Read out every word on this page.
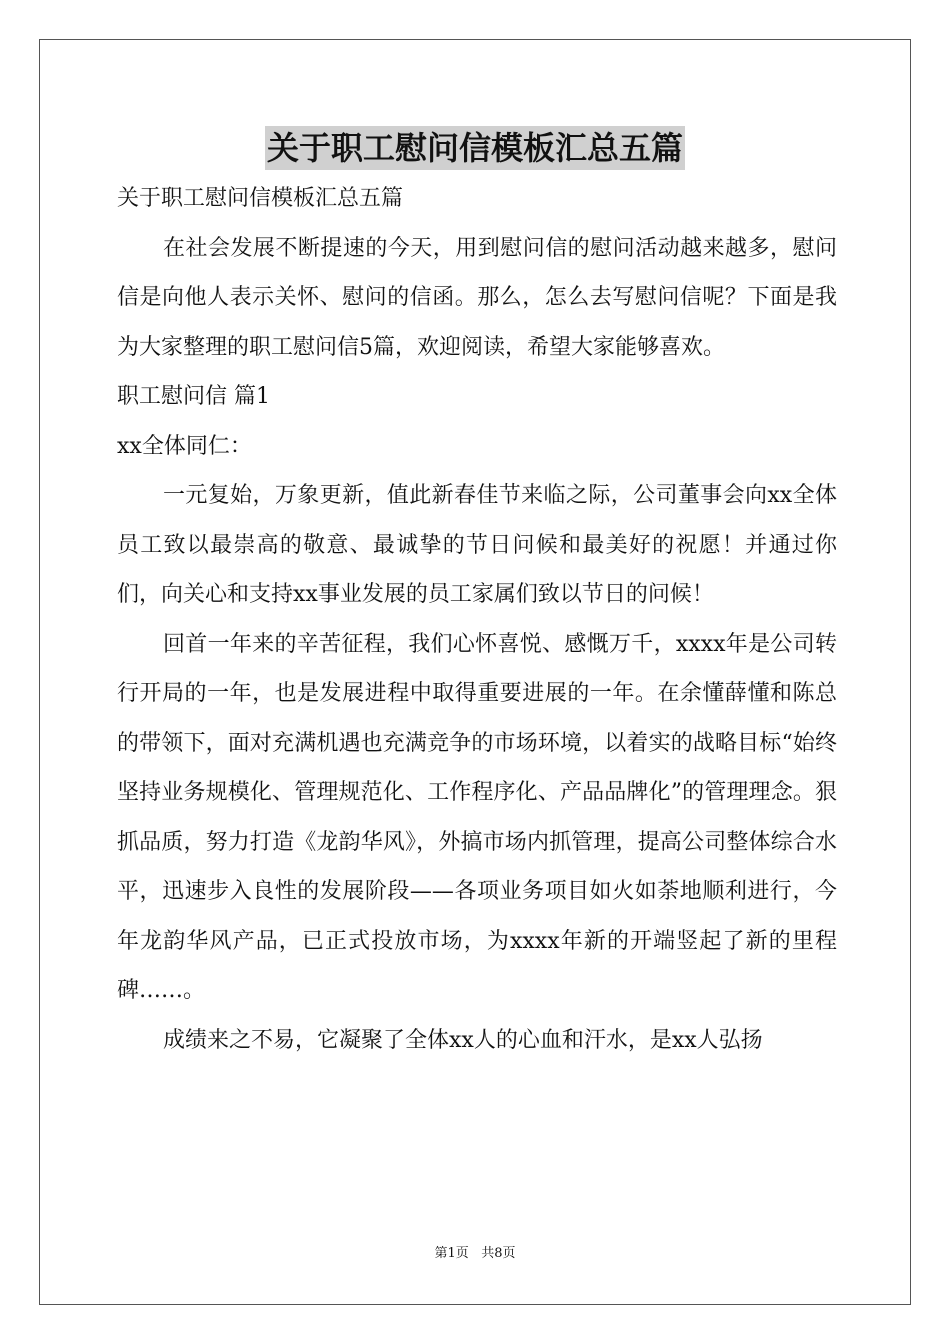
关于职工慰问信模板汇总五篇

关于职工慰问信模板汇总五篇

在社会发展不断提速的今天，用到慰问信的慰问活动越来越多，慰问信是向他人表示关怀、慰问的信函。那么，怎么去写慰问信呢？下面是我为大家整理的职工慰问信5篇，欢迎阅读，希望大家能够喜欢。

职工慰问信 篇1

xx全体同仁：

一元复始，万象更新，值此新春佳节来临之际，公司董事会向xx全体员工致以最崇高的敬意、最诚挚的节日问候和最美好的祝愿！并通过你们，向关心和支持xx事业发展的员工家属们致以节日的问候！

回首一年来的辛苦征程，我们心怀喜悦、感慨万千，xxxx年是公司转行开局的一年，也是发展进程中取得重要进展的一年。在余懂薛懂和陈总的带领下，面对充满机遇也充满竞争的市场环境，以着实的战略目标“始终坚持业务规模化、管理规范化、工作程序化、产品品牌化”的管理理念。狠抓品质，努力打造《龙韵华风》，外搞市场内抓管理，提高公司整体综合水平，迅速步入良性的发展阶段——各项业务项目如火如荼地顺利进行，今年龙韵华风产品，已正式投放市场，为xxxx年新的开端竖起了新的里程碑……。

成绩来之不易，它凝聚了全体xx人的心血和汗水，是xx人弘扬

第1页 共8页
